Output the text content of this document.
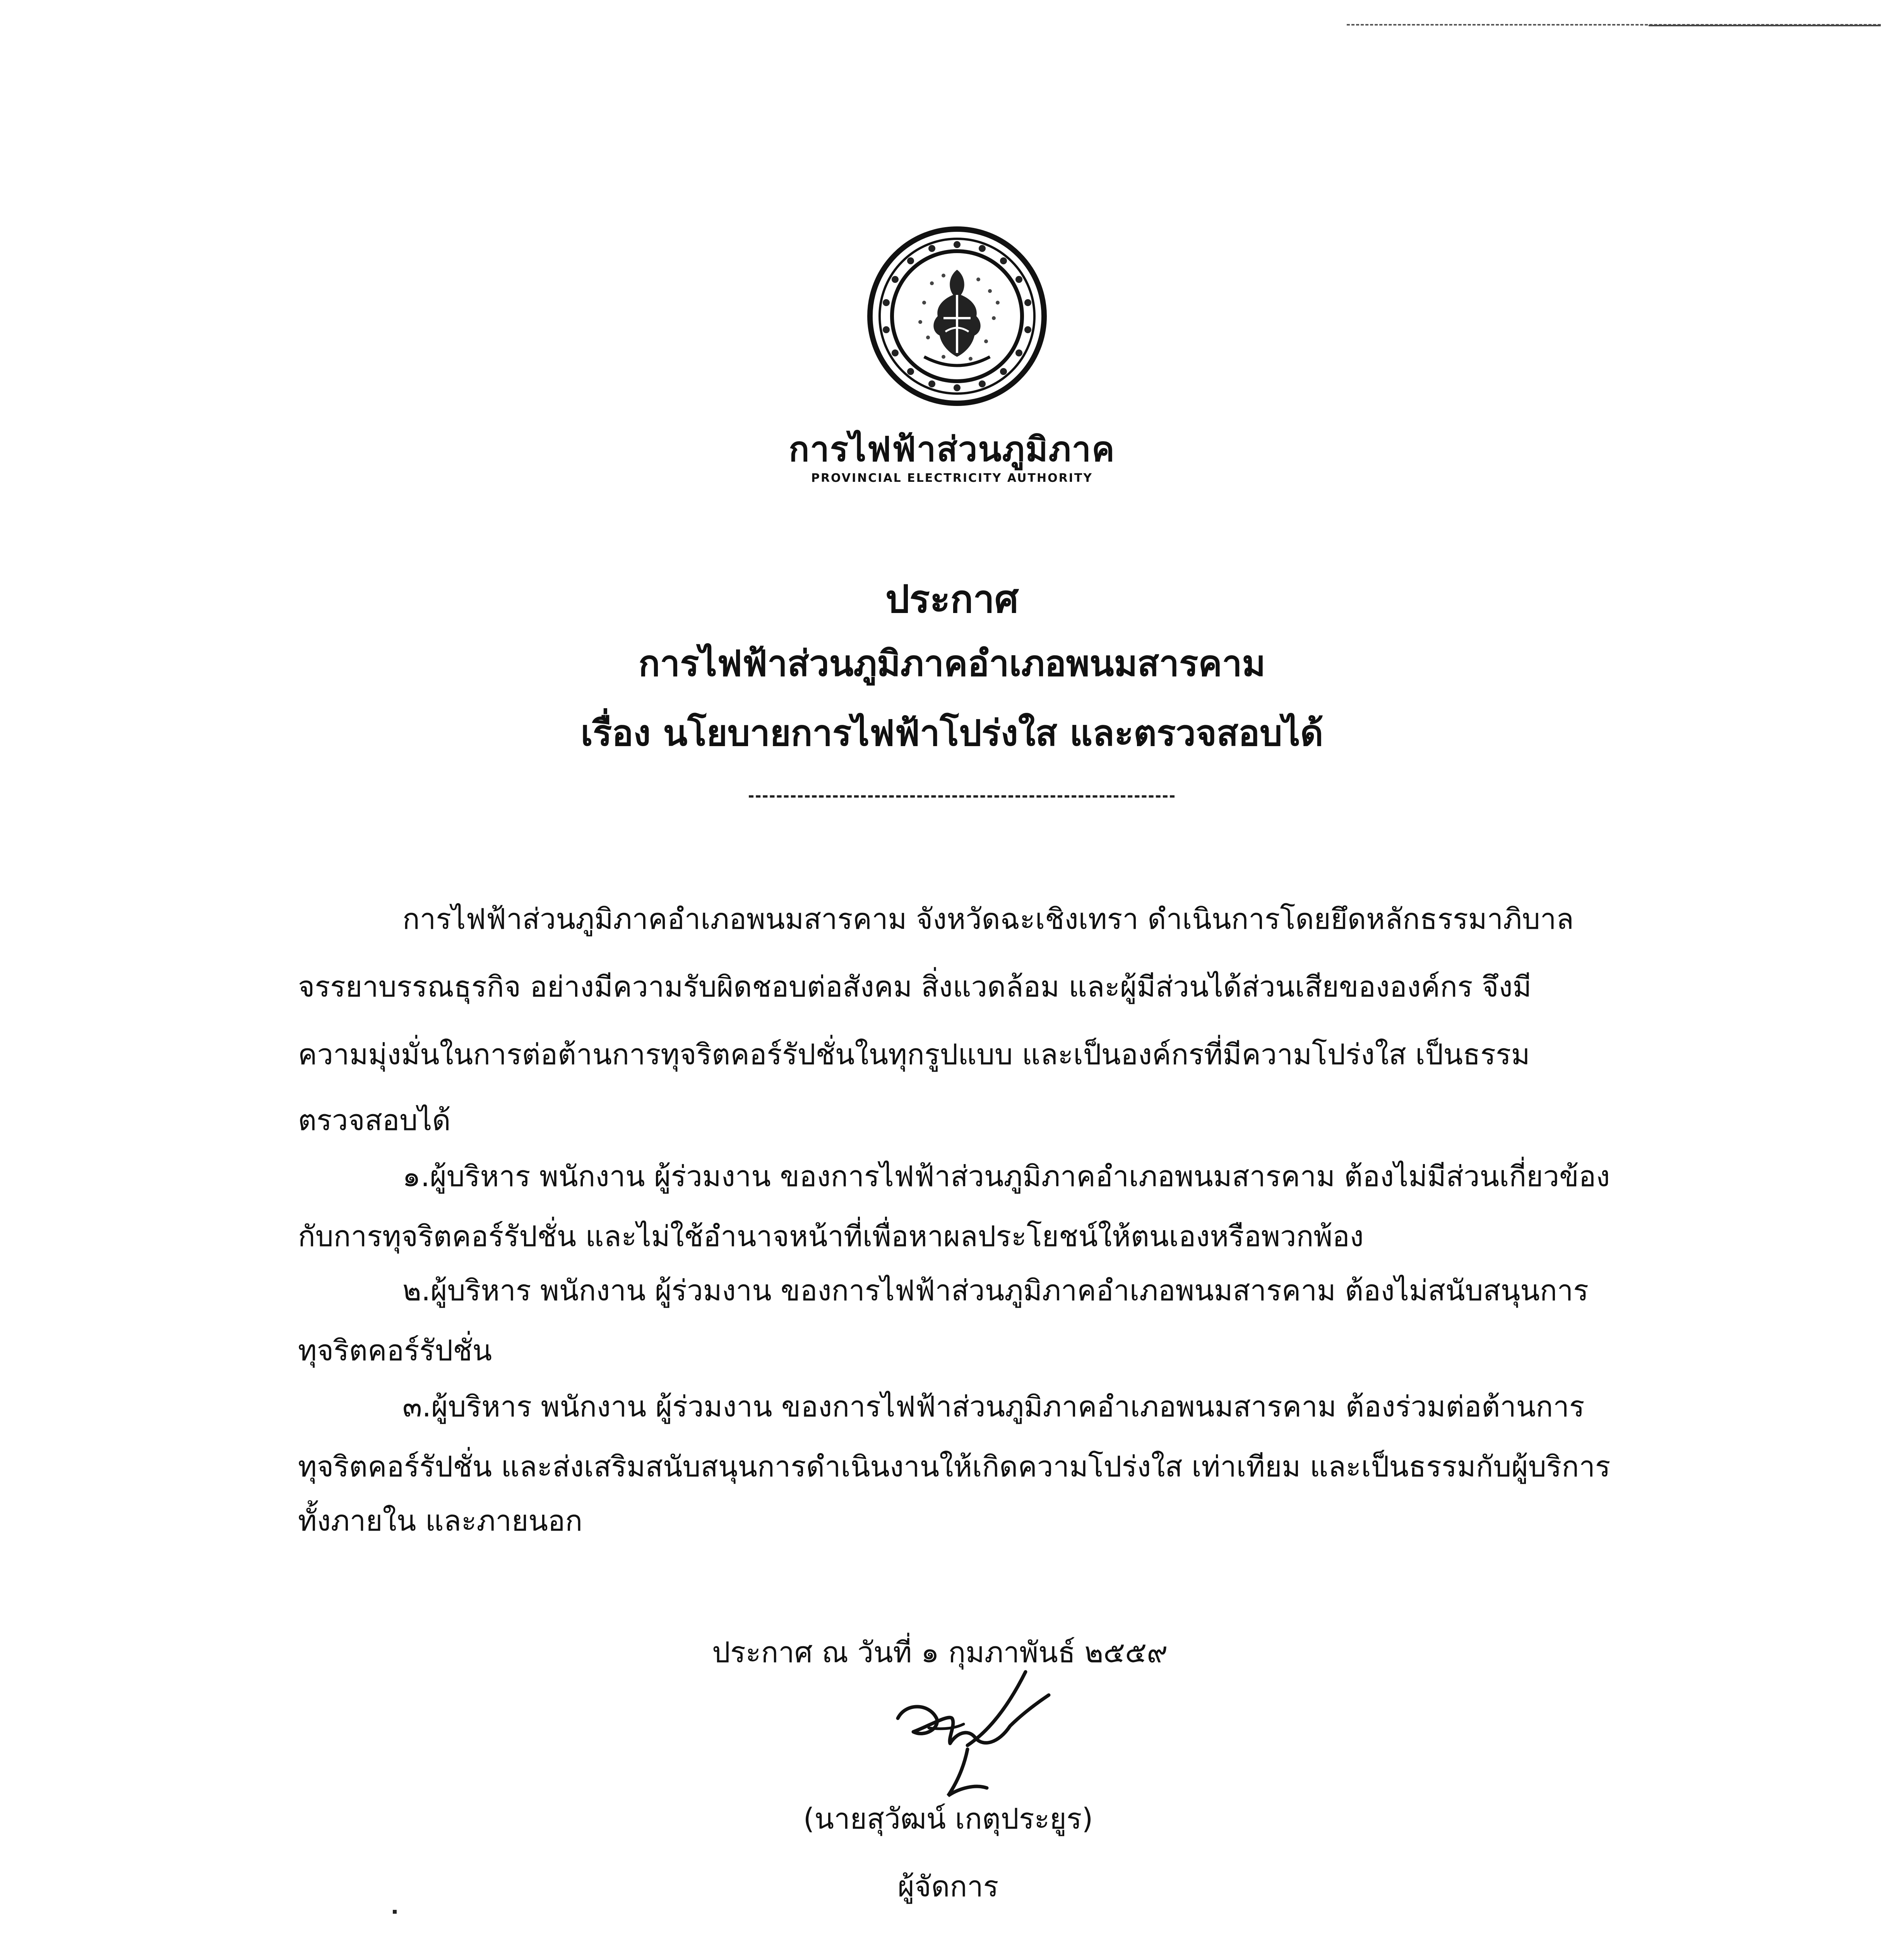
การไฟฟ้าส่วนภูมิภาค
PROVINCIAL ELECTRICITY AUTHORITY
ประกาศ
การไฟฟ้าส่วนภูมิภาคอำเภอพนมสารคาม
เรื่อง นโยบายการไฟฟ้าโปร่งใส และตรวจสอบได้
การไฟฟ้าส่วนภูมิภาคอำเภอพนมสารคาม จังหวัดฉะเชิงเทรา ดำเนินการโดยยึดหลักธรรมาภิบาล
จรรยาบรรณธุรกิจ อย่างมีความรับผิดชอบต่อสังคม สิ่งแวดล้อม และผู้มีส่วนได้ส่วนเสียขององค์กร จึงมี
ความมุ่งมั่นในการต่อต้านการทุจริตคอร์รัปชั่นในทุกรูปแบบ และเป็นองค์กรที่มีความโปร่งใส เป็นธรรม
ตรวจสอบได้
๑.ผู้บริหาร พนักงาน ผู้ร่วมงาน ของการไฟฟ้าส่วนภูมิภาคอำเภอพนมสารคาม ต้องไม่มีส่วนเกี่ยวข้อง
กับการทุจริตคอร์รัปชั่น และไม่ใช้อำนาจหน้าที่เพื่อหาผลประโยชน์ให้ตนเองหรือพวกพ้อง
๒.ผู้บริหาร พนักงาน ผู้ร่วมงาน ของการไฟฟ้าส่วนภูมิภาคอำเภอพนมสารคาม ต้องไม่สนับสนุนการ
ทุจริตคอร์รัปชั่น
๓.ผู้บริหาร พนักงาน ผู้ร่วมงาน ของการไฟฟ้าส่วนภูมิภาคอำเภอพนมสารคาม ต้องร่วมต่อต้านการ
ทุจริตคอร์รัปชั่น และส่งเสริมสนับสนุนการดำเนินงานให้เกิดความโปร่งใส เท่าเทียม และเป็นธรรมกับผู้บริการ
ทั้งภายใน และภายนอก
ประกาศ ณ วันที่ ๑ กุมภาพันธ์ ๒๕๕๙
(นายสุวัฒน์ เกตุประยูร)
ผู้จัดการ
